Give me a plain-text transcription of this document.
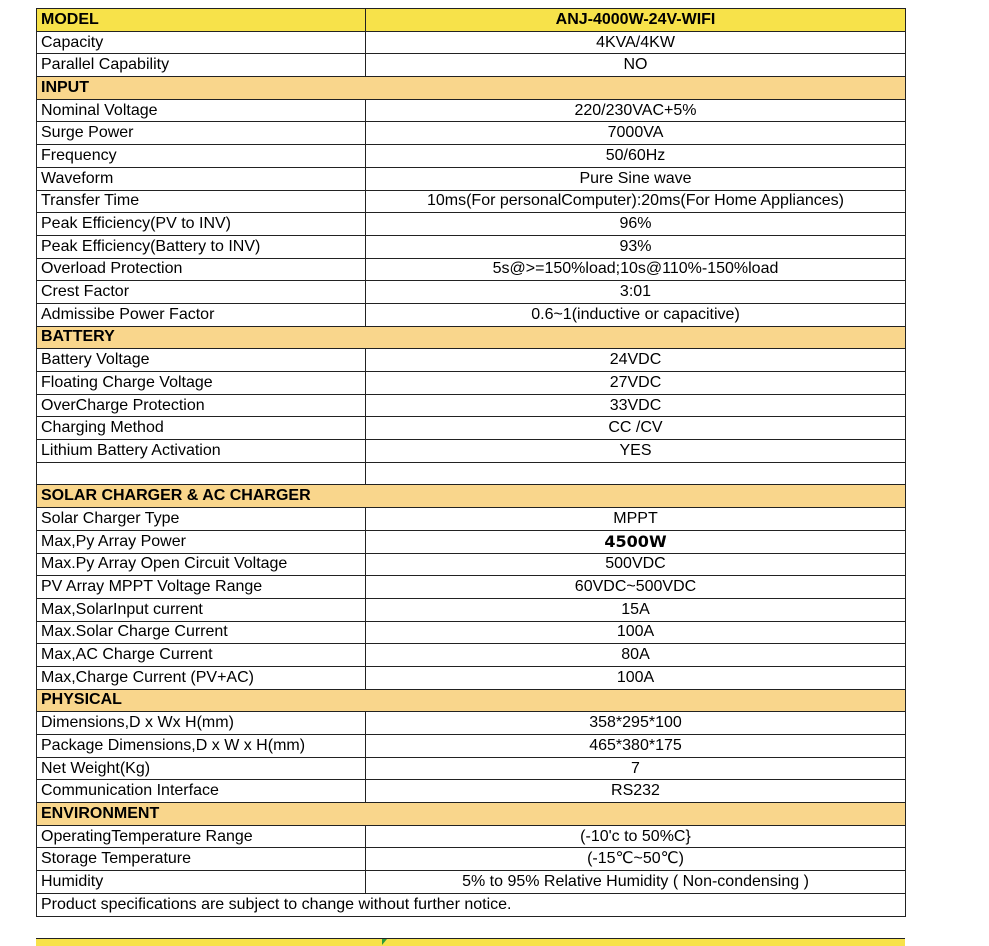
MODEL	ANJ-4000W-24V-WIFI
Capacity	4KVA/4KW
Parallel Capability	NO
INPUT	
Nominal Voltage	220/230VAC+5%
Surge Power	7000VA
Frequency	50/60Hz
Waveform	Pure Sine wave
Transfer Time	10ms(For personalComputer):20ms(For Home Appliances)
Peak Efficiency(PV to INV)	96%
Peak Efficiency(Battery to INV)	93%
Overload Protection	5s@>=150%load;10s@110%-150%load
Crest Factor	3:01
Admissibe Power Factor	0.6~1(inductive or capacitive)
BATTERY	
Battery Voltage	24VDC
Floating Charge Voltage	27VDC
OverCharge Protection	33VDC
Charging Method	CC /CV
Lithium Battery Activation	YES

SOLAR CHARGER & AC CHARGER	
Solar Charger Type	MPPT
Max,Py Array Power	4500W
Max.Py Array Open Circuit Voltage	500VDC
PV Array MPPT Voltage Range	60VDC~500VDC
Max,SolarInput current	15A
Max.Solar Charge Current	100A
Max,AC Charge Current	80A
Max,Charge Current (PV+AC)	100A
PHYSICAL	
Dimensions,D x Wx H(mm)	358*295*100
Package Dimensions,D x W x H(mm)	465*380*175
Net Weight(Kg)	7
Communication Interface	RS232
ENVIRONMENT	
OperatingTemperature Range	(-10'c to 50%C}
Storage Temperature	(-15℃~50℃)
Humidity	5% to 95% Relative Humidity ( Non-condensing )
Product specifications are subject to change without further notice.	
